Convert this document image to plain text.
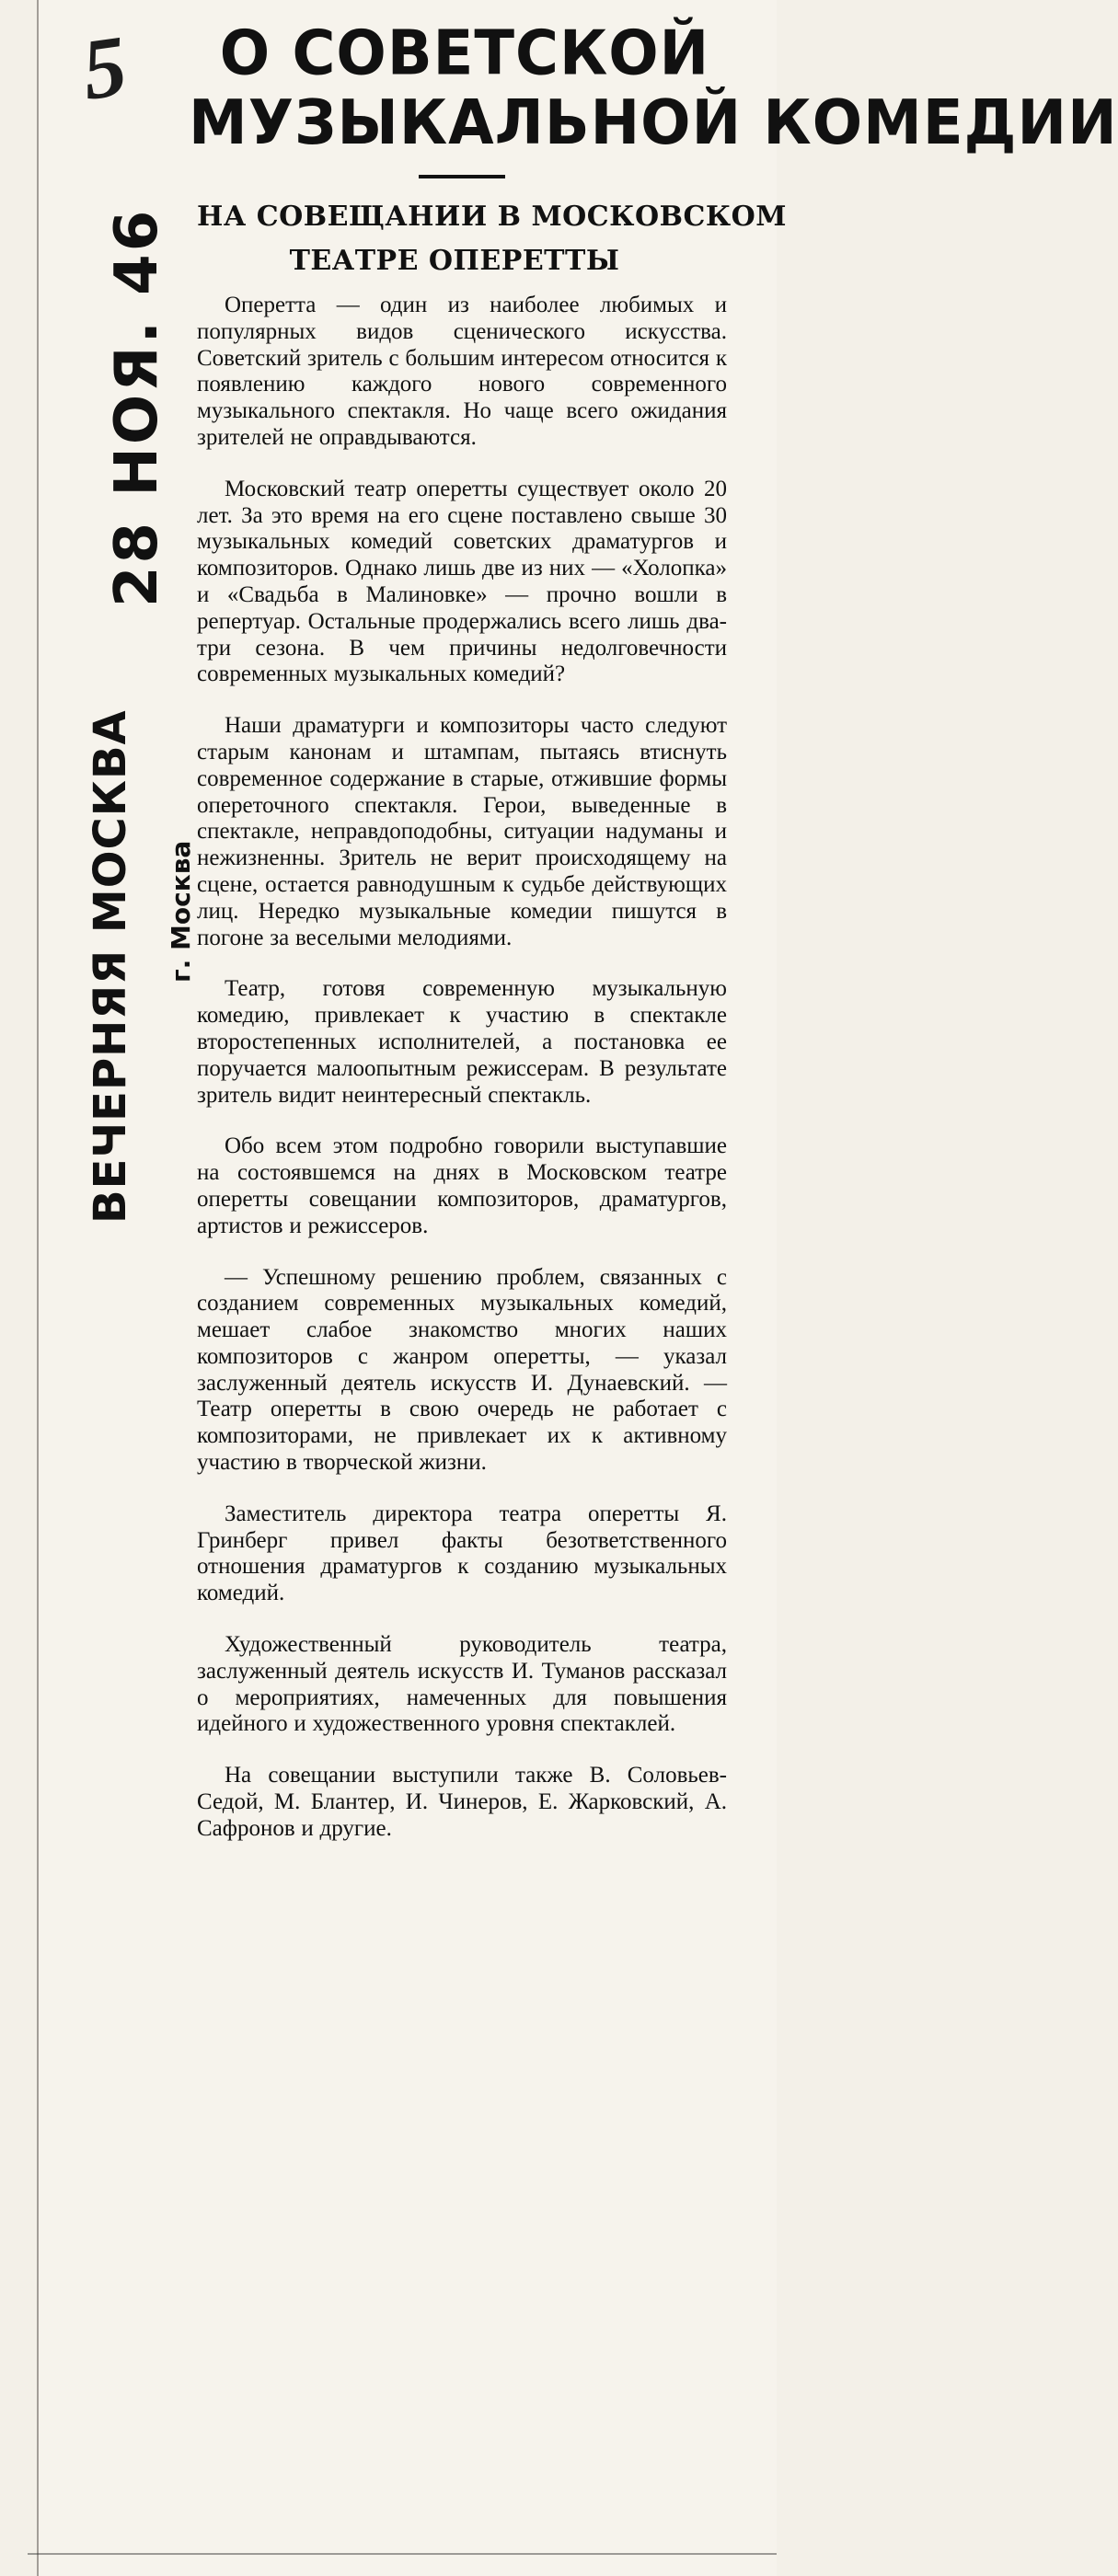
5	О СОВЕТСКОЙ
МУЗЫКАЛЬНОЙ КОМЕДИИ
НА СОВЕЩАНИИ В МОСКОВСКОМ
ТЕАТРЕ ОПЕРЕТТЫ
28 НОЯ. 46
ВЕЧЕРНЯЯ МОСКВА г. Москва

Оперетта — один из наиболее любимых и популярных видов сценического искусства. Советский зритель с большим интересом относится к появлению каждого нового современного музыкального спектакля. Но чаще всего ожидания зрителей не оправдываются.

Московский театр оперетты существует около 20 лет. За это время на его сцене поставлено свыше 30 музыкальных комедий советских драматургов и композиторов. Однако лишь две из них — «Холопка» и «Свадьба в Малиновке» — прочно вошли в репертуар. Остальные продержались всего лишь два-три сезона. В чем причины недолговечности современных музыкальных комедий?

Наши драматурги и композиторы часто следуют старым канонам и штампам, пытаясь втиснуть современное содержание в старые, отжившие формы опереточного спектакля. Герои, выведенные в спектакле, неправдоподобны, ситуации надуманы и нежизненны. Зритель не верит происходящему на сцене, остается равнодушным к судьбе действующих лиц. Нередко музыкальные комедии пишутся в погоне за веселыми мелодиями.

Театр, готовя современную музыкальную комедию, привлекает к участию в спектакле второстепенных исполнителей, а постановка ее поручается малоопытным режиссерам. В результате зритель видит неинтересный спектакль.

Обо всем этом подробно говорили выступавшие на состоявшемся на днях в Московском театре оперетты совещании композиторов, драматургов, артистов и режиссеров.

— Успешному решению проблем, связанных с созданием современных музыкальных комедий, мешает слабое знакомство многих наших композиторов с жанром оперетты, — указал заслуженный деятель искусств И. Дунаевский. — Театр оперетты в свою очередь не работает с композиторами, не привлекает их к активному участию в творческой жизни.

Заместитель директора театра оперетты Я. Гринберг привел факты безответственного отношения драматургов к созданию музыкальных комедий.

Художественный руководитель театра, заслуженный деятель искусств И. Туманов рассказал о мероприятиях, намеченных для повышения идейного и художественного уровня спектаклей.

На совещании выступили также В. Соловьев-Седой, М. Блантер, И. Чинеров, Е. Жарковский, А. Сафронов и другие.
